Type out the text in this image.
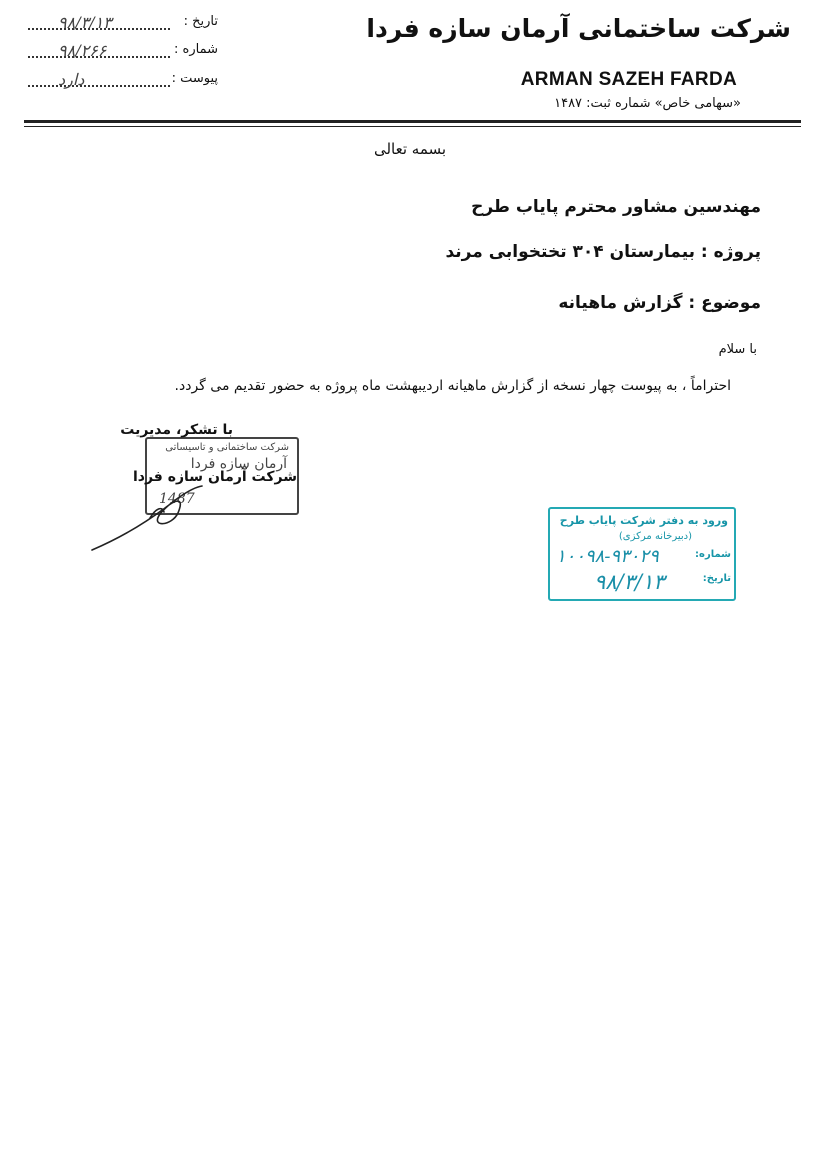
شرکت ساختمانی آرمان سازه فردا
ARMAN SAZEH FARDA
«سهامی خاص» شماره ثبت: ۱۴۸۷
تاریخ :
۹۸/۳/۱۳
شماره :
۹۸/۲۶۶
پیوست :
دارد
بسمه تعالی
مهندسین مشاور محترم پایاب طرح
پروژه : بیمارستان ۳۰۴ تختخوابی مرند
موضوع : گزارش ماهیانه
با سلام
احتراماً ، به پیوست چهار نسخه از گزارش ماهیانه اردیبهشت ماه پروژه به حضور تقدیم می گردد.
شرکت ساختمانی و تاسیساتی
آرمان سازه فردا
1487
با تشکر، مدیریت
شرکت آرمان سازه فردا
ورود به دفتر شرکت پایاب طرح
(دبیرخانه مرکزی)
شماره:
تاریخ:
۱۰۰۹۸-۹۳۰۲۹
۹۸/۳/۱۳
